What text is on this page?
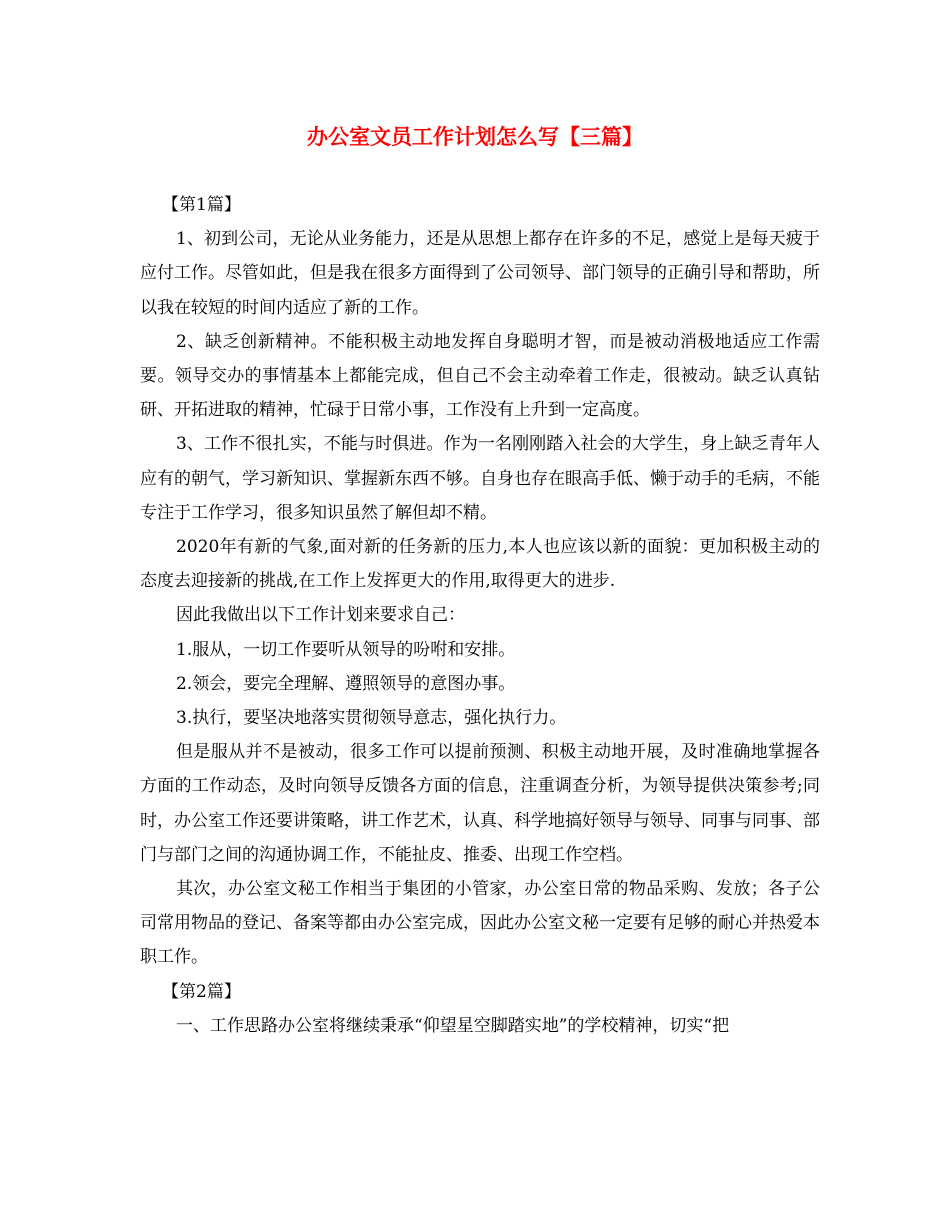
办公室文员工作计划怎么写【三篇】

【第1篇】

1、初到公司，无论从业务能力，还是从思想上都存在许多的不足，感觉上是每天疲于应付工作。尽管如此，但是我在很多方面得到了公司领导、部门领导的正确引导和帮助，所以我在较短的时间内适应了新的工作。

2、缺乏创新精神。不能积极主动地发挥自身聪明才智，而是被动消极地适应工作需要。领导交办的事情基本上都能完成，但自己不会主动牵着工作走，很被动。缺乏认真钻研、开拓进取的精神，忙碌于日常小事，工作没有上升到一定高度。

3、工作不很扎实，不能与时俱进。作为一名刚刚踏入社会的大学生，身上缺乏青年人应有的朝气，学习新知识、掌握新东西不够。自身也存在眼高手低、懒于动手的毛病，不能专注于工作学习，很多知识虽然了解但却不精。

2020年有新的气象,面对新的任务新的压力,本人也应该以新的面貌：更加积极主动的态度去迎接新的挑战,在工作上发挥更大的作用,取得更大的进步.

因此我做出以下工作计划来要求自己：

1.服从，一切工作要听从领导的吩咐和安排。

2.领会，要完全理解、遵照领导的意图办事。

3.执行，要坚决地落实贯彻领导意志，强化执行力。

但是服从并不是被动，很多工作可以提前预测、积极主动地开展，及时准确地掌握各方面的工作动态，及时向领导反馈各方面的信息，注重调查分析，为领导提供决策参考;同时，办公室工作还要讲策略，讲工作艺术，认真、科学地搞好领导与领导、同事与同事、部门与部门之间的沟通协调工作，不能扯皮、推委、出现工作空档。

其次，办公室文秘工作相当于集团的小管家，办公室日常的物品采购、发放；各子公司常用物品的登记、备案等都由办公室完成，因此办公室文秘一定要有足够的耐心并热爱本职工作。

【第2篇】

一、工作思路办公室将继续秉承“仰望星空脚踏实地”的学校精神，切实“把
